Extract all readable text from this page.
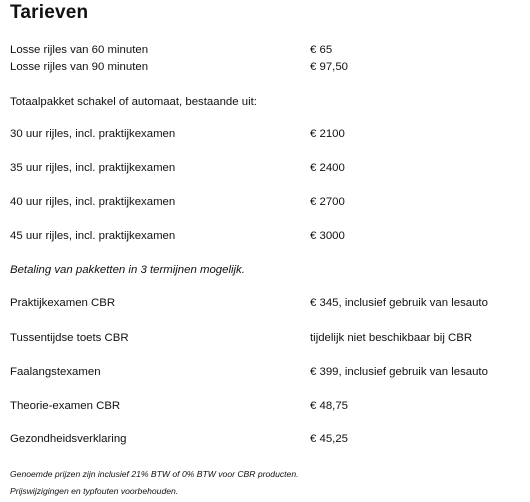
Tarieven
Losse rijles van 60 minuten	€ 65
Losse rijles van 90 minuten	€ 97,50
Totaalpakket schakel of automaat, bestaande uit:
30 uur rijles, incl. praktijkexamen	€ 2100
35 uur rijles, incl. praktijkexamen	€ 2400
40 uur rijles, incl. praktijkexamen	€ 2700
45 uur rijles, incl. praktijkexamen	€ 3000
Betaling van pakketten in 3 termijnen mogelijk.
Praktijkexamen CBR	€ 345, inclusief gebruik van lesauto
Tussentijdse toets CBR	tijdelijk niet beschikbaar bij CBR
Faalangstexamen	€ 399, inclusief gebruik van lesauto
Theorie-examen CBR	€ 48,75
Gezondheidsverklaring	€ 45,25
Genoemde prijzen zijn inclusief 21% BTW of 0% BTW voor CBR producten.
Prijswijzigingen en typfouten voorbehouden.
